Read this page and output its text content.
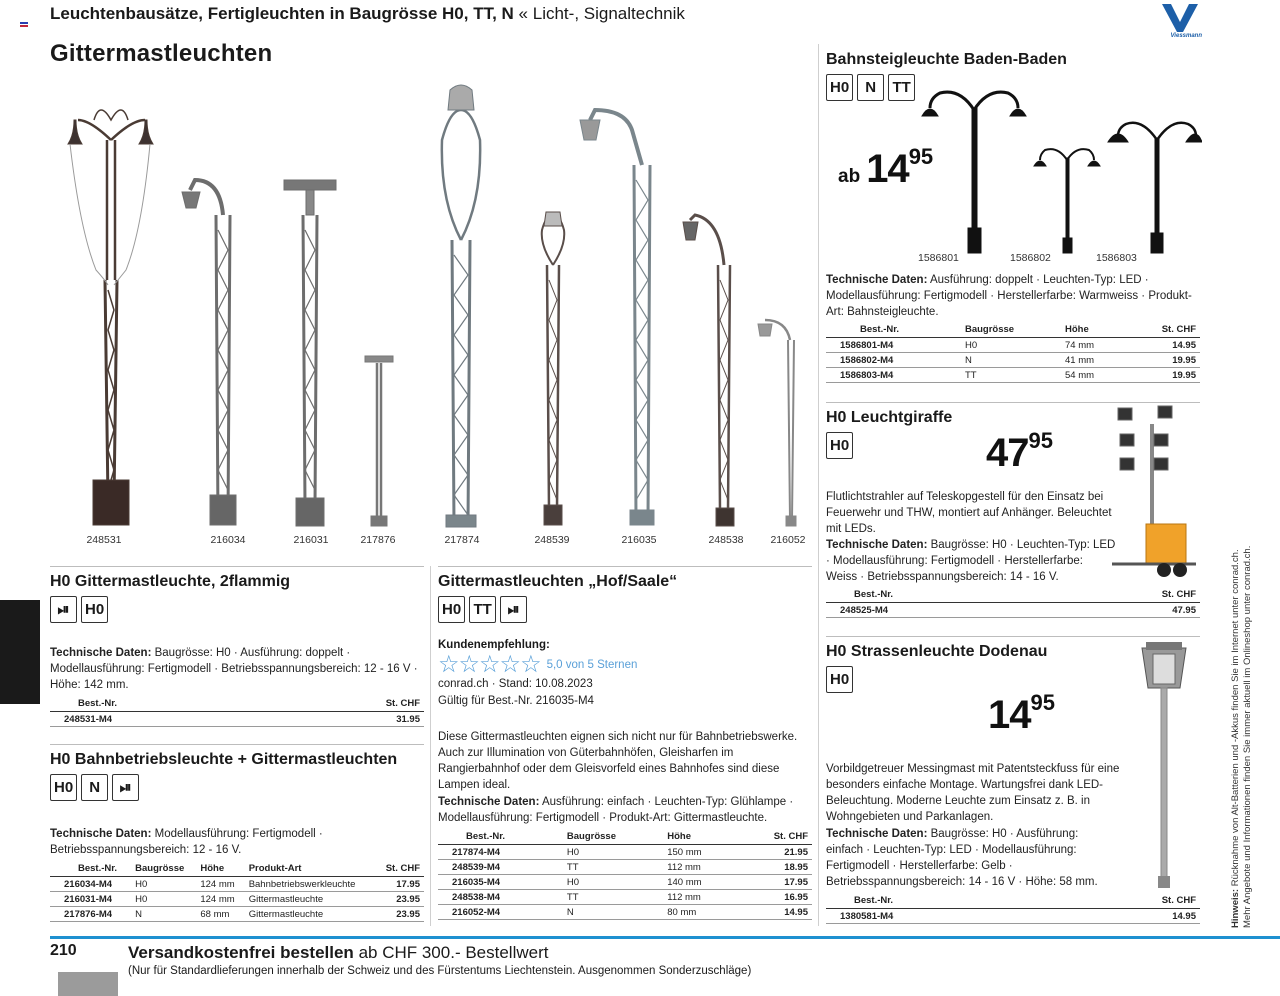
Leuchtenbausätze, Fertigleuchten in Baugrösse H0, TT, N « Licht-, Signaltechnik
Viessmann
Gittermastleuchten
248531	216034	216031	217876	217874	248539	216035	248538	216052
H0 Gittermastleuchte, 2flammig
⏯	H0
Technische Daten: Baugrösse: H0 · Ausführung: doppelt · Modellausführung: Fertigmodell · Betriebsspannungsbereich: 12 - 16 V · Höhe: 142 mm.
Best.-Nr.	St. CHF
248531-M4	31.95
H0 Bahnbetriebsleuchte + Gittermastleuchten
H0	N	⏯
Technische Daten: Modellausführung: Fertigmodell · Betriebsspannungsbereich: 12 - 16 V.
Best.-Nr.	Baugrösse	Höhe	Produkt-Art	St. CHF
216034-M4	H0	124 mm	Bahnbetriebswerkleuchte	17.95
216031-M4	H0	124 mm	Gittermastleuchte	23.95
217876-M4	N	68 mm	Gittermastleuchte	23.95
Gittermastleuchten „Hof/Saale“
H0 TT	⏯
Kundenempfehlung:
☆☆☆☆☆ 5,0 von 5 Sternen
conrad.ch · Stand: 10.08.2023
Gültig für Best.-Nr. 216035-M4
Diese Gittermastleuchten eignen sich nicht nur für Bahnbetriebswerke. Auch zur Illumination von Güterbahnhöfen, Gleisharfen im Rangierbahnhof oder dem Gleisvorfeld eines Bahnhofes sind diese Lampen ideal.
Technische Daten: Ausführung: einfach · Leuchten-Typ: Glühlampe · Modellausführung: Fertigmodell · Produkt-Art: Gittermastleuchte.
Best.-Nr.	Baugrösse	Höhe	St. CHF
217874-M4	H0	150 mm	21.95
248539-M4	TT	112 mm	18.95
216035-M4	H0	140 mm	17.95
248538-M4	TT	112 mm	16.95
216052-M4	N	80 mm	14.95
Bahnsteigleuchte Baden-Baden
H0	N	TT
ab 1495
1586801	1586802	1586803
Technische Daten: Ausführung: doppelt · Leuchten-Typ: LED · Modellausführung: Fertigmodell · Herstellerfarbe: Warmweiss · Produkt-Art: Bahnsteigleuchte.
Best.-Nr.	Baugrösse	Höhe	St. CHF
1586801-M4	H0	74 mm	14.95
1586802-M4	N	41 mm	19.95
1586803-M4	TT	54 mm	19.95
H0 Leuchtgiraffe
H0	4795
Flutlichtstrahler auf Teleskopgestell für den Einsatz bei Feuerwehr und THW, montiert auf Anhänger. Beleuchtet mit LEDs.
Technische Daten: Baugrösse: H0 · Leuchten-Typ: LED · Modellausführung: Fertigmodell · Herstellerfarbe: Weiss · Betriebsspannungsbereich: 14 - 16 V.
Best.-Nr.	St. CHF
248525-M4	47.95
H0 Strassenleuchte Dodenau
H0
1495
Vorbildgetreuer Messingmast mit Patentsteckfuss für eine besonders einfache Montage. Wartungsfrei dank LED-Beleuchtung. Moderne Leuchte zum Einsatz z. B. in Wohngebieten und Parkanlagen.
Technische Daten: Baugrösse: H0 · Ausführung: einfach · Leuchten-Typ: LED · Modellausführung: Fertigmodell · Herstellerfarbe: Gelb · Betriebsspannungsbereich: 14 - 16 V · Höhe: 58 mm.
Best.-Nr.	St. CHF
1380581-M4	14.95	Hinweis: Rücknahme von Alt-Batterien und -Akkus finden Sie im Internet unter conrad.ch. Mehr Angebote und Informationen finden Sie immer aktuell im Onlineshop unter conrad.ch.
210	Versandkostenfrei bestellen ab CHF 300.- Bestellwert
(Nur für Standardlieferungen innerhalb der Schweiz und des Fürstentums Liechtenstein. Ausgenommen Sonderzuschläge)
